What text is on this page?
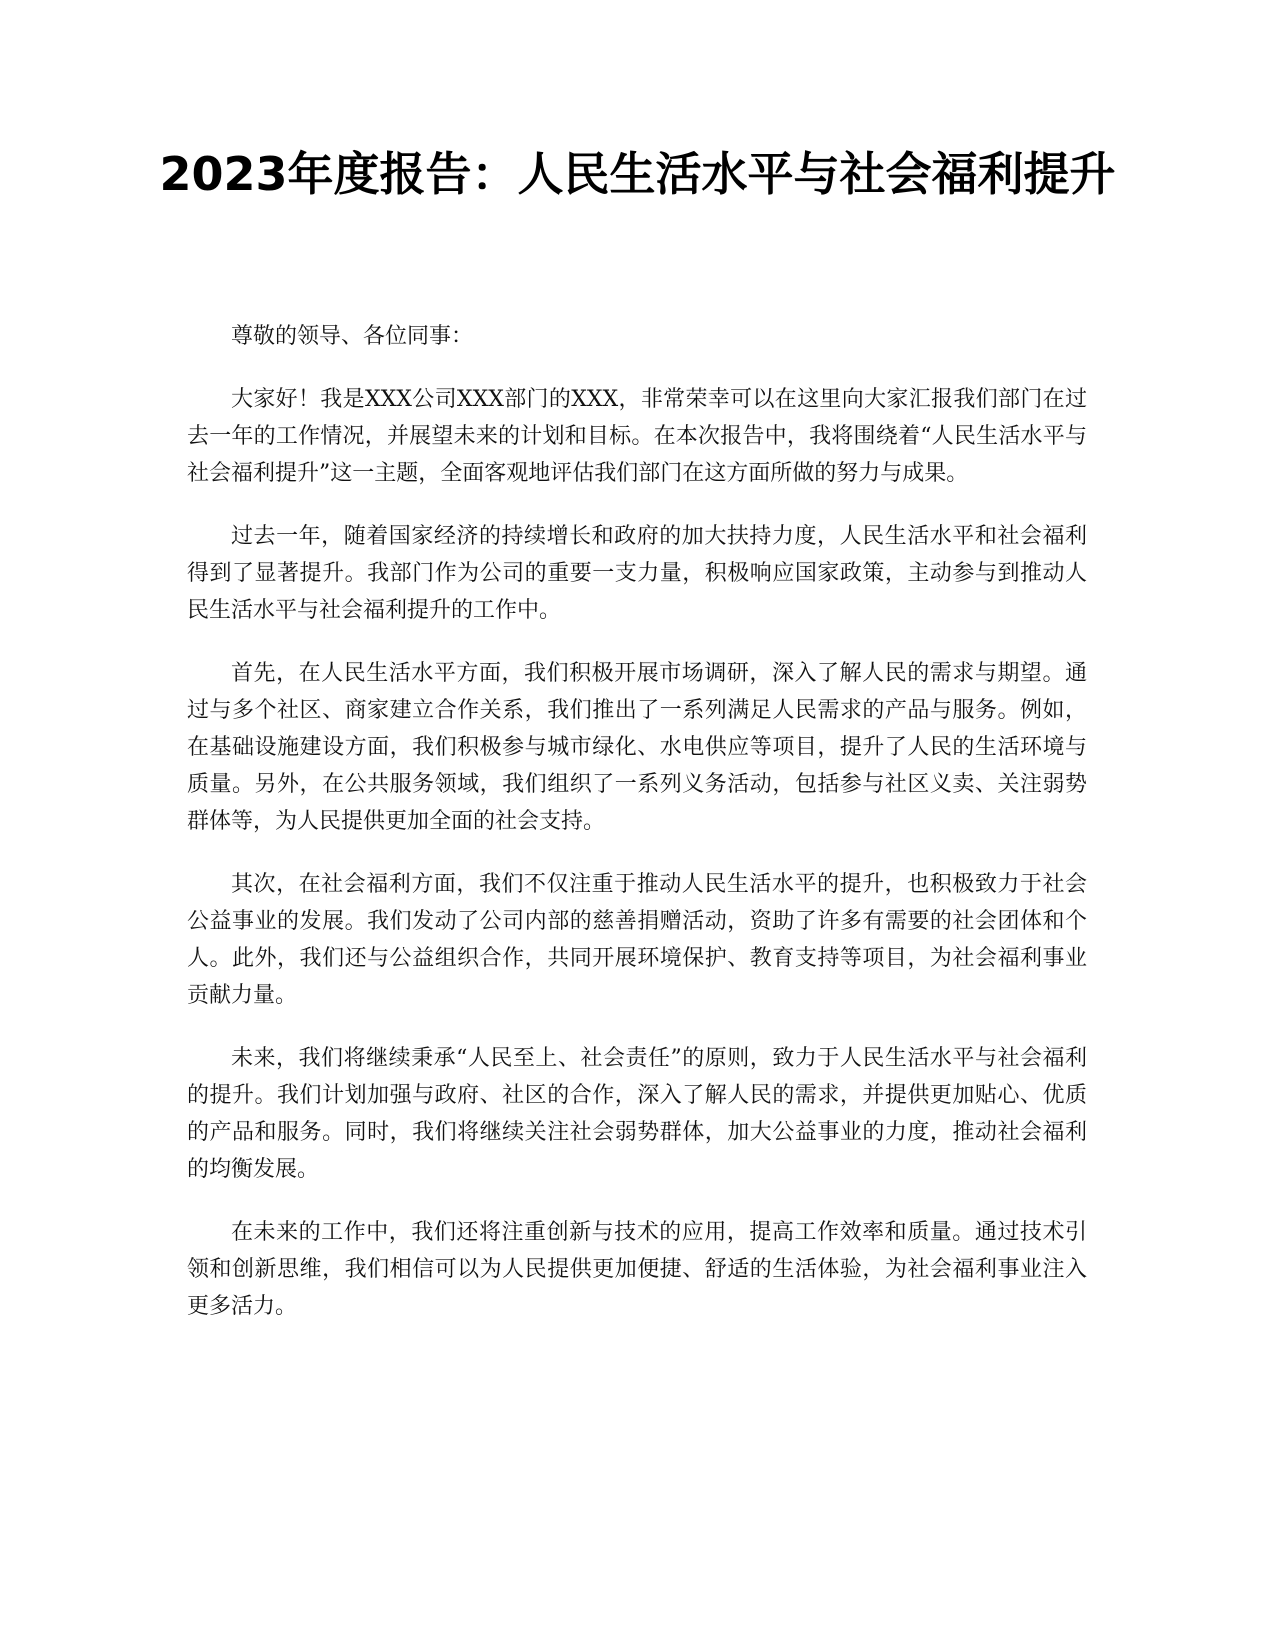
2023年度报告：人民生活水平与社会福利提升

尊敬的领导、各位同事：

大家好！我是XXX公司XXX部门的XXX，非常荣幸可以在这里向大家汇报我们部门在过去一年的工作情况，并展望未来的计划和目标。在本次报告中，我将围绕着“人民生活水平与社会福利提升”这一主题，全面客观地评估我们部门在这方面所做的努力与成果。

过去一年，随着国家经济的持续增长和政府的加大扶持力度，人民生活水平和社会福利得到了显著提升。我部门作为公司的重要一支力量，积极响应国家政策，主动参与到推动人民生活水平与社会福利提升的工作中。

首先，在人民生活水平方面，我们积极开展市场调研，深入了解人民的需求与期望。通过与多个社区、商家建立合作关系，我们推出了一系列满足人民需求的产品与服务。例如，在基础设施建设方面，我们积极参与城市绿化、水电供应等项目，提升了人民的生活环境与质量。另外，在公共服务领域，我们组织了一系列义务活动，包括参与社区义卖、关注弱势群体等，为人民提供更加全面的社会支持。

其次，在社会福利方面，我们不仅注重于推动人民生活水平的提升，也积极致力于社会公益事业的发展。我们发动了公司内部的慈善捐赠活动，资助了许多有需要的社会团体和个人。此外，我们还与公益组织合作，共同开展环境保护、教育支持等项目，为社会福利事业贡献力量。

未来，我们将继续秉承“人民至上、社会责任”的原则，致力于人民生活水平与社会福利的提升。我们计划加强与政府、社区的合作，深入了解人民的需求，并提供更加贴心、优质的产品和服务。同时，我们将继续关注社会弱势群体，加大公益事业的力度，推动社会福利的均衡发展。

在未来的工作中，我们还将注重创新与技术的应用，提高工作效率和质量。通过技术引领和创新思维，我们相信可以为人民提供更加便捷、舒适的生活体验，为社会福利事业注入更多活力。
